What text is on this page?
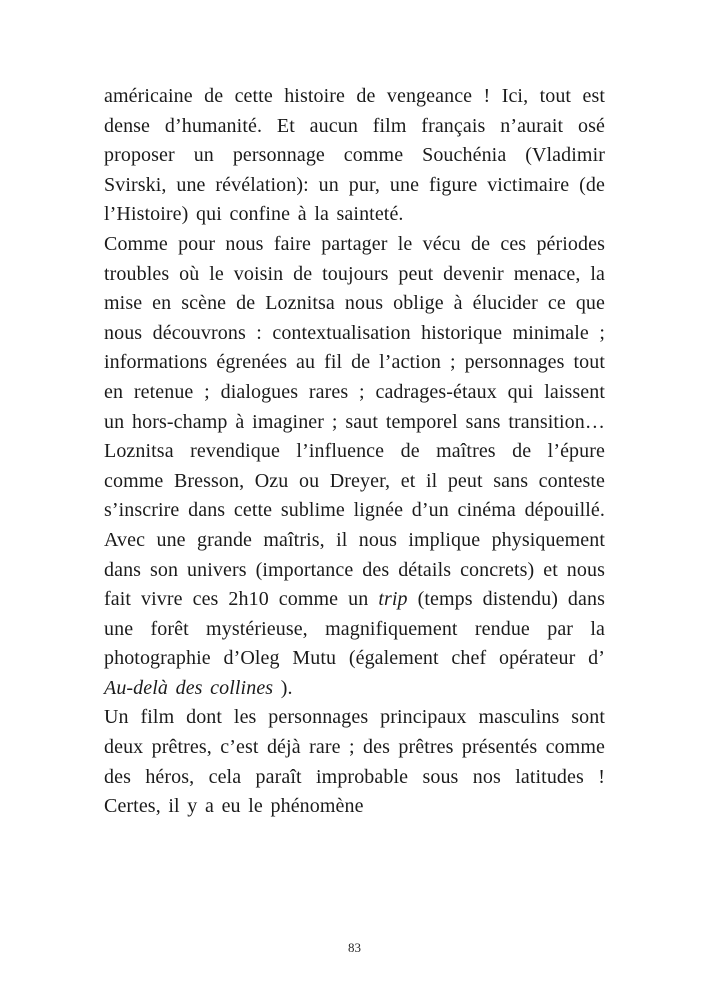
américaine de cette histoire de vengeance ! Ici, tout est dense d’humanité. Et aucun film français n’aurait osé proposer un personnage comme Souchénia (Vladimir Svirski, une révélation): un pur, une figure victimaire (de l’Histoire) qui confine à la sainteté.

Comme pour nous faire partager le vécu de ces périodes troubles où le voisin de toujours peut devenir menace, la mise en scène de Loznitsa nous oblige à élucider ce que nous découvrons : contextualisation historique minimale ; informations égrenées au fil de l’action ; personnages tout en retenue ; dialogues rares ; cadrages-étaux qui laissent un hors-champ à imaginer ; saut temporel sans transition… Loznitsa revendique l’influence de maîtres de l’épure comme Bresson, Ozu ou Dreyer, et il peut sans conteste s’inscrire dans cette sublime lignée d’un cinéma dépouillé. Avec une grande maîtris, il nous implique physiquement dans son univers (importance des détails concrets) et nous fait vivre ces 2h10 comme un trip (temps distendu) dans une forêt mystérieuse, magnifiquement rendue par la photographie d’Oleg Mutu (également chef opérateur d’ Au-delà des collines ).

Un film dont les personnages principaux masculins sont deux prêtres, c’est déjà rare ; des prêtres présentés comme des héros, cela paraît improbable sous nos latitudes ! Certes, il y a eu le phénomène

83
